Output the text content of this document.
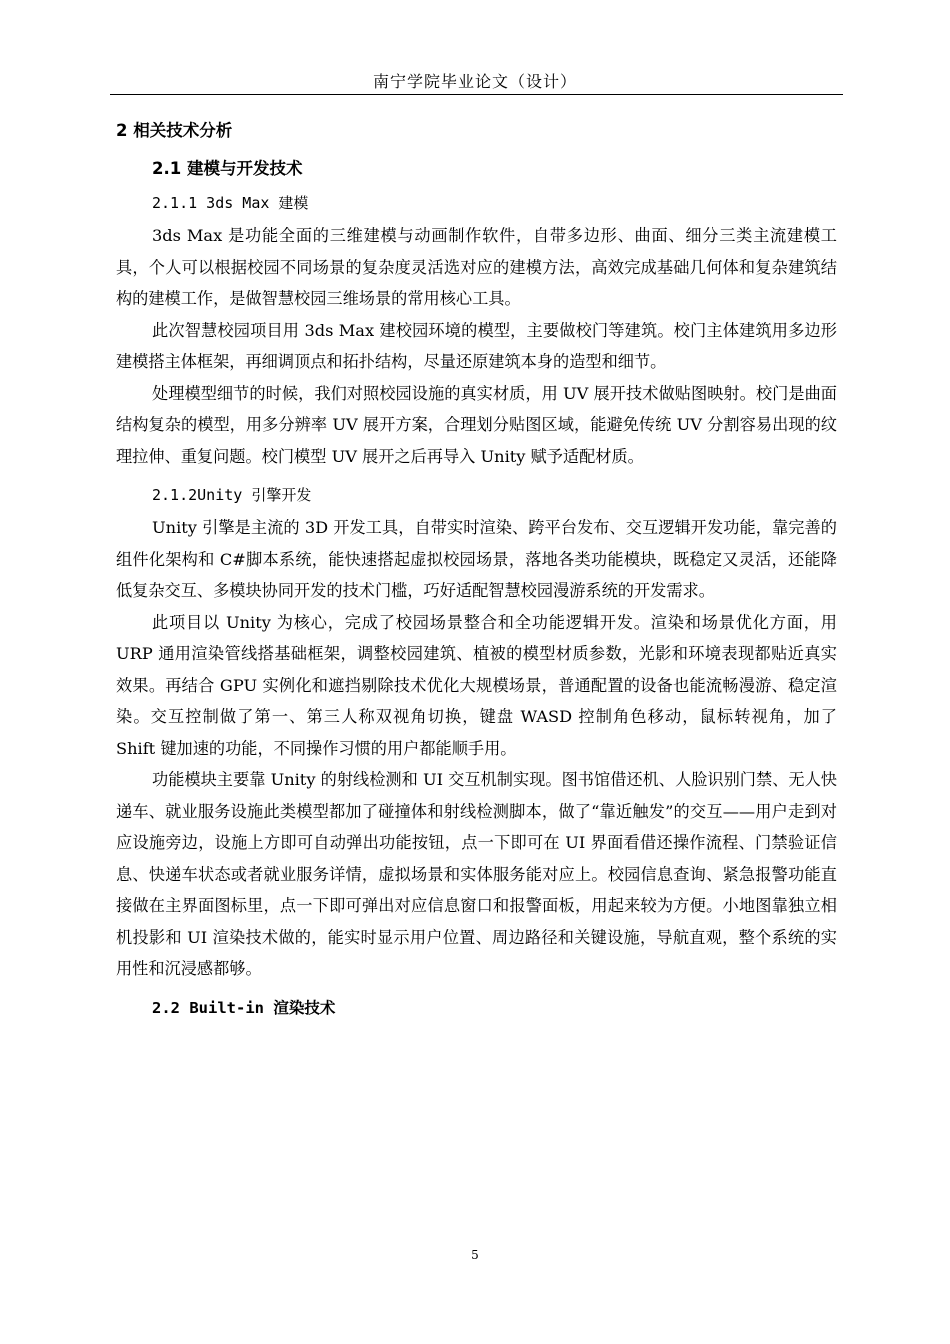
南宁学院毕业论文（设计）
2 相关技术分析
2.1 建模与开发技术
2.1.1 3ds Max 建模

3ds Max 是功能全面的三维建模与动画制作软件，自带多边形、曲面、细分三类主流建模工具，个人可以根据校园不同场景的复杂度灵活选对应的建模方法，高效完成基础几何体和复杂建筑结构的建模工作，是做智慧校园三维场景的常用核心工具。

此次智慧校园项目用 3ds Max 建校园环境的模型，主要做校门等建筑。校门主体建筑用多边形建模搭主体框架，再细调顶点和拓扑结构，尽量还原建筑本身的造型和细节。

处理模型细节的时候，我们对照校园设施的真实材质，用 UV 展开技术做贴图映射。校门是曲面结构复杂的模型，用多分辨率 UV 展开方案，合理划分贴图区域，能避免传统 UV 分割容易出现的纹理拉伸、重复问题。校门模型 UV 展开之后再导入 Unity 赋予适配材质。

2.1.2Unity 引擎开发

Unity 引擎是主流的 3D 开发工具，自带实时渲染、跨平台发布、交互逻辑开发功能，靠完善的组件化架构和 C#脚本系统，能快速搭起虚拟校园场景，落地各类功能模块，既稳定又灵活，还能降低复杂交互、多模块协同开发的技术门槛，巧好适配智慧校园漫游系统的开发需求。

此项目以 Unity 为核心，完成了校园场景整合和全功能逻辑开发。渲染和场景优化方面，用 URP 通用渲染管线搭基础框架，调整校园建筑、植被的模型材质参数，光影和环境表现都贴近真实效果。再结合 GPU 实例化和遮挡剔除技术优化大规模场景，普通配置的设备也能流畅漫游、稳定渲染。交互控制做了第一、第三人称双视角切换，键盘 WASD 控制角色移动，鼠标转视角，加了 Shift 键加速的功能，不同操作习惯的用户都能顺手用。

功能模块主要靠 Unity 的射线检测和 UI 交互机制实现。图书馆借还机、人脸识别门禁、无人快递车、就业服务设施此类模型都加了碰撞体和射线检测脚本，做了“靠近触发”的交互——用户走到对应设施旁边，设施上方即可自动弹出功能按钮，点一下即可在 UI 界面看借还操作流程、门禁验证信息、快递车状态或者就业服务详情，虚拟场景和实体服务能对应上。校园信息查询、紧急报警功能直接做在主界面图标里，点一下即可弹出对应信息窗口和报警面板，用起来较为方便。小地图靠独立相机投影和 UI 渲染技术做的，能实时显示用户位置、周边路径和关键设施，导航直观，整个系统的实用性和沉浸感都够。

2.2 Built-in 渲染技术
5
